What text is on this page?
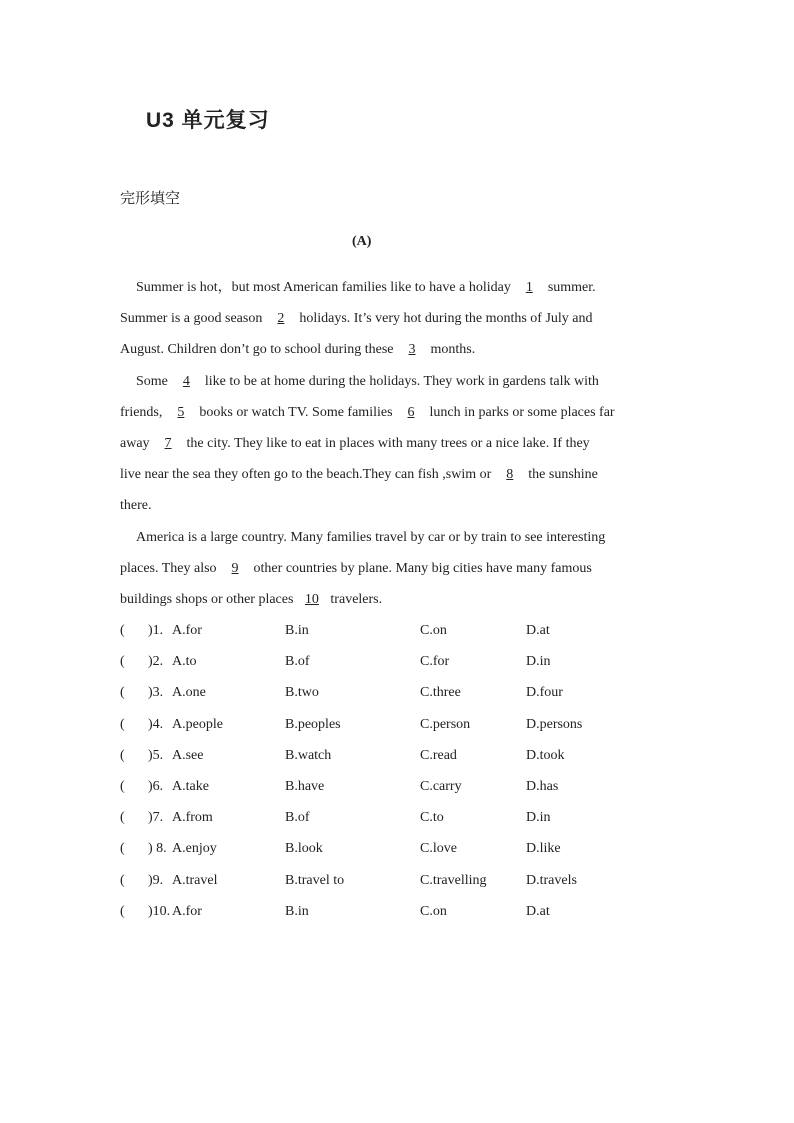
U3 单元复习
完形填空
(A)
Summer is hot，but most American families like to have a holiday 1 summer.
Summer is a good season 2 holidays. It’s very hot during the months of July and
August. Children don’t go to school during these 3 months.
Some 4 like to be at home during the holidays. They work in gardens talk with
friends, 5 books or watch TV. Some families 6 lunch in parks or some places far
away 7 the city. They like to eat in places with many trees or a nice lake. If they
live near the sea they often go to the beach.They can fish ,swim or 8 the sunshine
there.
America is a large country. Many families travel by car or by train to see interesting
places. They also 9 other countries by plane. Many big cities have many famous
buildings shops or other places 10 travelers.
( )1. A.for	B.in	C.on	D.at
( )2. A.to	B.of	C.for	D.in
( )3. A.one	B.two	C.three	D.four
( )4. A.people	B.peoples	C.person	D.persons
( )5. A.see	B.watch	C.read	D.took
( )6. A.take	B.have	C.carry	D.has
( )7. A.from	B.of	C.to	D.in
( ) 8. A.enjoy	B.look	C.love	D.like
( )9. A.travel	B.travel to	C.travelling	D.travels
( )10. A.for	B.in	C.on	D.at
